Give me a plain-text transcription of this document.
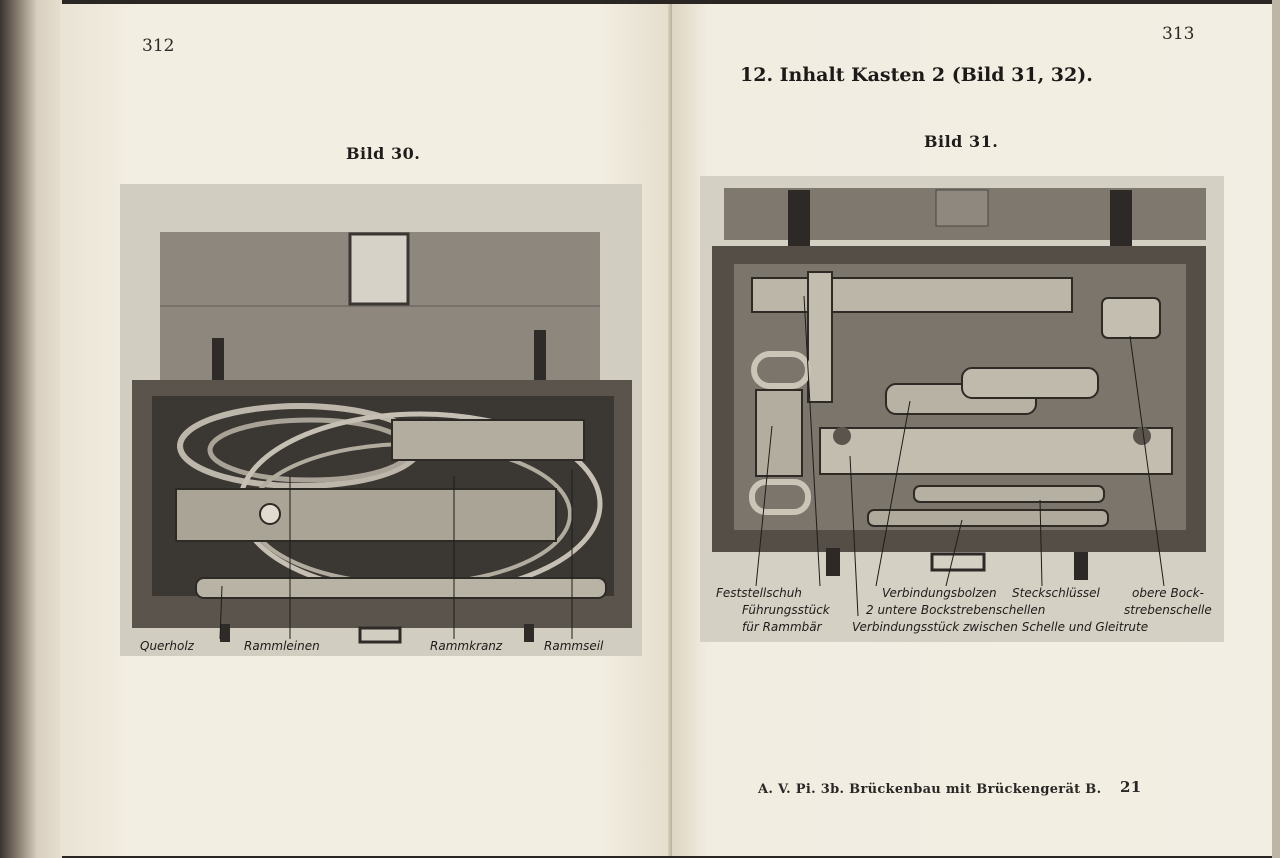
312
Bild 30.
Querholz	Rammleinen	Rammkranz	Rammseil
313
12. Inhalt Kasten 2 (Bild 31, 32).
Bild 31.
Feststellschuh
Führungsstück
für Rammbär
Verbindungsbolzen
2 untere Bockstrebenschellen
Verbindungsstück zwischen Schelle und Gleitrute
Steckschlüssel	obere Bock-
strebenschelle
A. V. Pi. 3b. Brückenbau mit Brückengerät B. 21
